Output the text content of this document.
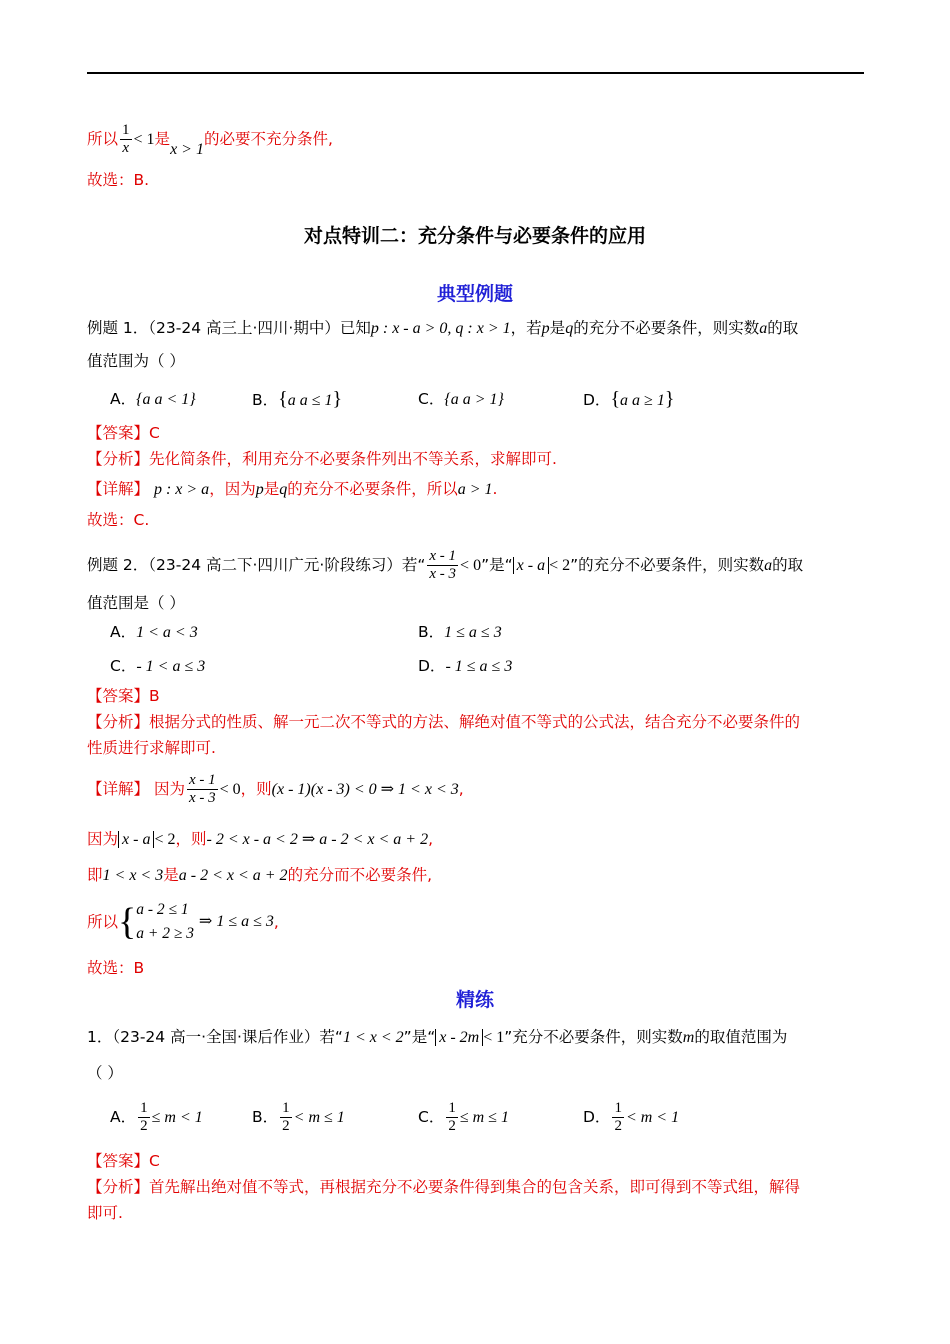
所以 $\frac{1}{x} < 1$是x > 1的必要不充分条件,
故选：B.
对点特训二：充分条件与必要条件的应用
典型例题
例题 1．（23-24 高三上·四川·期中）已知p : x - a > 0, q : x > 1，若p是q的充分不必要条件，则实数a的取
值范围为（ ）
A．{a a < 1}	B．{a a ≤ 1}	C．{a a > 1}	D．{a a ≥ 1}
【答案】C
【分析】先化简条件，利用充分不必要条件列出不等关系，求解即可.
【详解】 p : x > a，因为p是q的充分不必要条件，所以a > 1.
故选：C.
例题 2．（23-24 高二下·四川广元·阶段练习）若“ $\frac{x - 1}{x - 3} < 0$”是“ x - a < 2”的充分不必要条件，则实数a的取
值范围是（ ）
A．1 < a < 3	B．1 ≤ a ≤ 3
C．- 1 < a ≤ 3	D．- 1 ≤ a ≤ 3
【答案】B
【分析】根据分式的性质、解一元二次不等式的方法、解绝对值不等式的公式法，结合充分不必要条件的
性质进行求解即可.
【详解】 因为 $\frac{x - 1}{x - 3} < 0$，则(x - 1)(x - 3) < 0 ⇒ 1 < x < 3,
因为 x - a < 2，则- 2 < x - a < 2 ⇒ a - 2 < x < a + 2,
即1 < x < 3是a - 2 < x < a + 2的充分而不必要条件,
所以{ a - 2 ≤ 1
a + 2 ≥ 3
⇒ 1 ≤ a ≤ 3,
故选：B
精练
1．（23-24 高一·全国·课后作业）若“1 < x < 2”是“ x - 2m < 1”充分不必要条件，则实数m的取值范围为
（ ）
A． $\frac{1}{2} \le m < 1$	B． $\frac{1}{2} < m \le 1$	C． $\frac{1}{2} \le m \le 1$	D． $\frac{1}{2} < m < 1$
【答案】C
【分析】首先解出绝对值不等式，再根据充分不必要条件得到集合的包含关系，即可得到不等式组，解得
即可.
